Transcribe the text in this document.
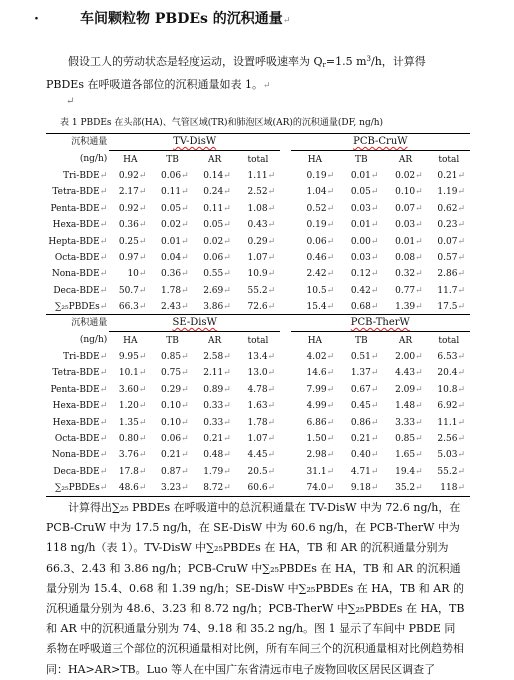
·	车间颗粒物 PBDEs 的沉积通量↵
假设工人的劳动状态是轻度运动，设置呼吸速率为 $Q_r=1.5$ $m^3/h$，计算得 PBDEs 在呼吸道各部位的沉积通量如表 1。↵
↵
表 1 PBDEs 在头部(HA)、气管区域(TR)和肺泡区域(AR)的沉积通量(DF, ng/h)
沉积通量	TV-DisW					PCB-CruW			
(ng/h)	HA	TB	AR	total		HA	TB	AR	total
Tri-BDE↵	0.92↵	0.06↵	0.14↵	1.11↵		0.19↵	0.01↵	0.02↵	0.21↵
Tetra-BDE↵	2.17↵	0.11↵	0.24↵	2.52↵		1.04↵	0.05↵	0.10↵	1.19↵
Penta-BDE↵	0.92↵	0.05↵	0.11↵	1.08↵		0.52↵	0.03↵	0.07↵	0.62↵
Hexa-BDE↵	0.36↵	0.02↵	0.05↵	0.43↵		0.19↵	0.01↵	0.03↵	0.23↵
Hepta-BDE↵	0.25↵	0.01↵	0.02↵	0.29↵		0.06↵	0.00↵	0.01↵	0.07↵
Octa-BDE↵	0.97↵	0.04↵	0.06↵	1.07↵		0.46↵	0.03↵	0.08↵	0.57↵
Nona-BDE↵	10↵	0.36↵	0.55↵	10.9↵		2.42↵	0.12↵	0.32↵	2.86↵
Deca-BDE↵	50.7↵	1.78↵	2.69↵	55.2↵		10.5↵	0.42↵	0.77↵	11.7↵
∑₂₅PBDEs↵	66.3↵	2.43↵	3.86↵	72.6↵		15.4↵	0.68↵	1.39↵	17.5↵
沉积通量	SE-DisW					PCB-TherW			
(ng/h)	HA	TB	AR	total		HA	TB	AR	total
Tri-BDE↵	9.95↵	0.85↵	2.58↵	13.4↵		4.02↵	0.51↵	2.00↵	6.53↵
Tetra-BDE↵	10.1↵	0.75↵	2.11↵	13.0↵		14.6↵	1.37↵	4.43↵	20.4↵
Penta-BDE↵	3.60↵	0.29↵	0.89↵	4.78↵		7.99↵	0.67↵	2.09↵	10.8↵
Hexa-BDE↵	1.20↵	0.10↵	0.33↵	1.63↵		4.99↵	0.45↵	1.48↵	6.92↵
Hexa-BDE↵	1.35↵	0.10↵	0.33↵	1.78↵		6.86↵	0.86↵	3.33↵	11.1↵
Octa-BDE↵	0.80↵	0.06↵	0.21↵	1.07↵		1.50↵	0.21↵	0.85↵	2.56↵
Nona-BDE↵	3.76↵	0.21↵	0.48↵	4.45↵		2.98↵	0.40↵	1.65↵	5.03↵
Deca-BDE↵	17.8↵	0.87↵	1.79↵	20.5↵		31.1↵	4.71↵	19.4↵	55.2↵
∑₂₅PBDEs↵	48.6↵	3.23↵	8.72↵	60.6↵		74.0↵	9.18↵	35.2↵	118↵
计算得出∑₂₅ PBDEs 在呼吸道中的总沉积通量在 TV-DisW 中为 72.6 ng/h，在 PCB-CruW 中为 17.5 ng/h，在 SE-DisW 中为 60.6 ng/h，在 PCB-TherW 中为 118 ng/h（表 1）。TV-DisW 中∑₂₅PBDEs 在 HA，TB 和 AR 的沉积通量分别为 66.3、2.43 和 3.86 ng/h；PCB-CruW 中∑₂₅PBDEs 在 HA，TB 和 AR 的沉积通量分别为 15.4、0.68 和 1.39 ng/h；SE-DisW 中∑₂₅PBDEs 在 HA，TB 和 AR 的沉积通量分别为 48.6、3.23 和 8.72 ng/h；PCB-TherW 中∑₂₅PBDEs 在 HA，TB 和 AR 中的沉积通量分别为 74、9.18 和 35.2 ng/h。图 1 显示了车间中 PBDE 同系物在呼吸道三个部位的沉积通量相对比例，所有车间三个的沉积通量相对比例趋势相同：HA>AR>TB。Luo 等人在中国广东省清远市电子废物回收区居民区调查了
